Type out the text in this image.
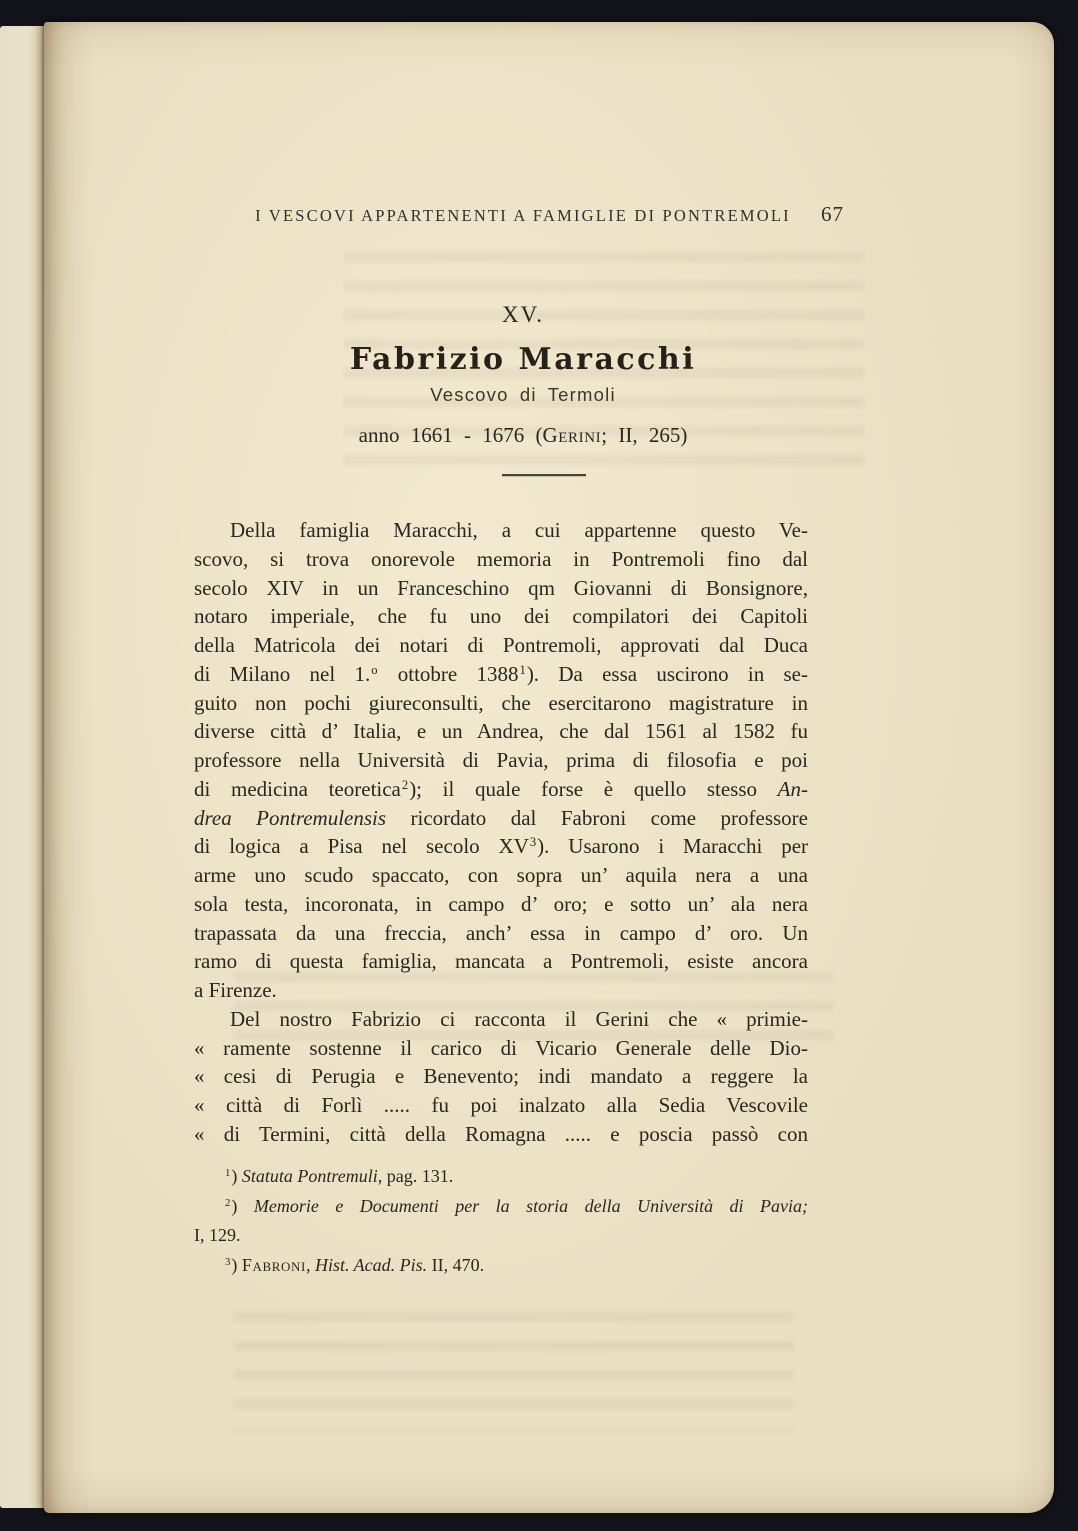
I VESCOVI APPARTENENTI A FAMIGLIE DI PONTREMOLI 67
XV.
Fabrizio Maracchi
Vescovo di Termoli
anno 1661 - 1676 (Gerini; II, 265)
Della famiglia Maracchi, a cui appartenne questo Ve-
scovo, si trova onorevole memoria in Pontremoli fino dal
secolo XIV in un Franceschino qm Giovanni di Bonsignore,
notaro imperiale, che fu uno dei compilatori dei Capitoli
della Matricola dei notari di Pontremoli, approvati dal Duca
di Milano nel 1.$^o$ ottobre 1388$^1$). Da essa uscirono in se-
guito non pochi giureconsulti, che esercitarono magistrature in
diverse città d’ Italia, e un Andrea, che dal 1561 al 1582 fu
professore nella Università di Pavia, prima di filosofia e poi
di medicina teoretica$^2$); il quale forse è quello stesso An-
drea Pontremulensis ricordato dal Fabroni come professore
di logica a Pisa nel secolo $XV^3$). Usarono i Maracchi per
arme uno scudo spaccato, con sopra un’ aquila nera a una
sola testa, incoronata, in campo d’ oro; e sotto un’ ala nera
trapassata da una freccia, anch’ essa in campo d’ oro. Un
ramo di questa famiglia, mancata a Pontremoli, esiste ancora
a Firenze.
Del nostro Fabrizio ci racconta il Gerini che « primie-
« ramente sostenne il carico di Vicario Generale delle Dio-
« cesi di Perugia e Benevento; indi mandato a reggere la
« città di Forlì ..... fu poi inalzato alla Sedia Vescovile
« di Termini, città della Romagna ..... e poscia passò con
$^1$) Statuta Pontremuli, pag. 131.
$^2$) Memorie e Documenti per la storia della Università di Pavia;
I, 129.
$^3$) Fabroni, Hist. Acad. Pis. II, 470.
